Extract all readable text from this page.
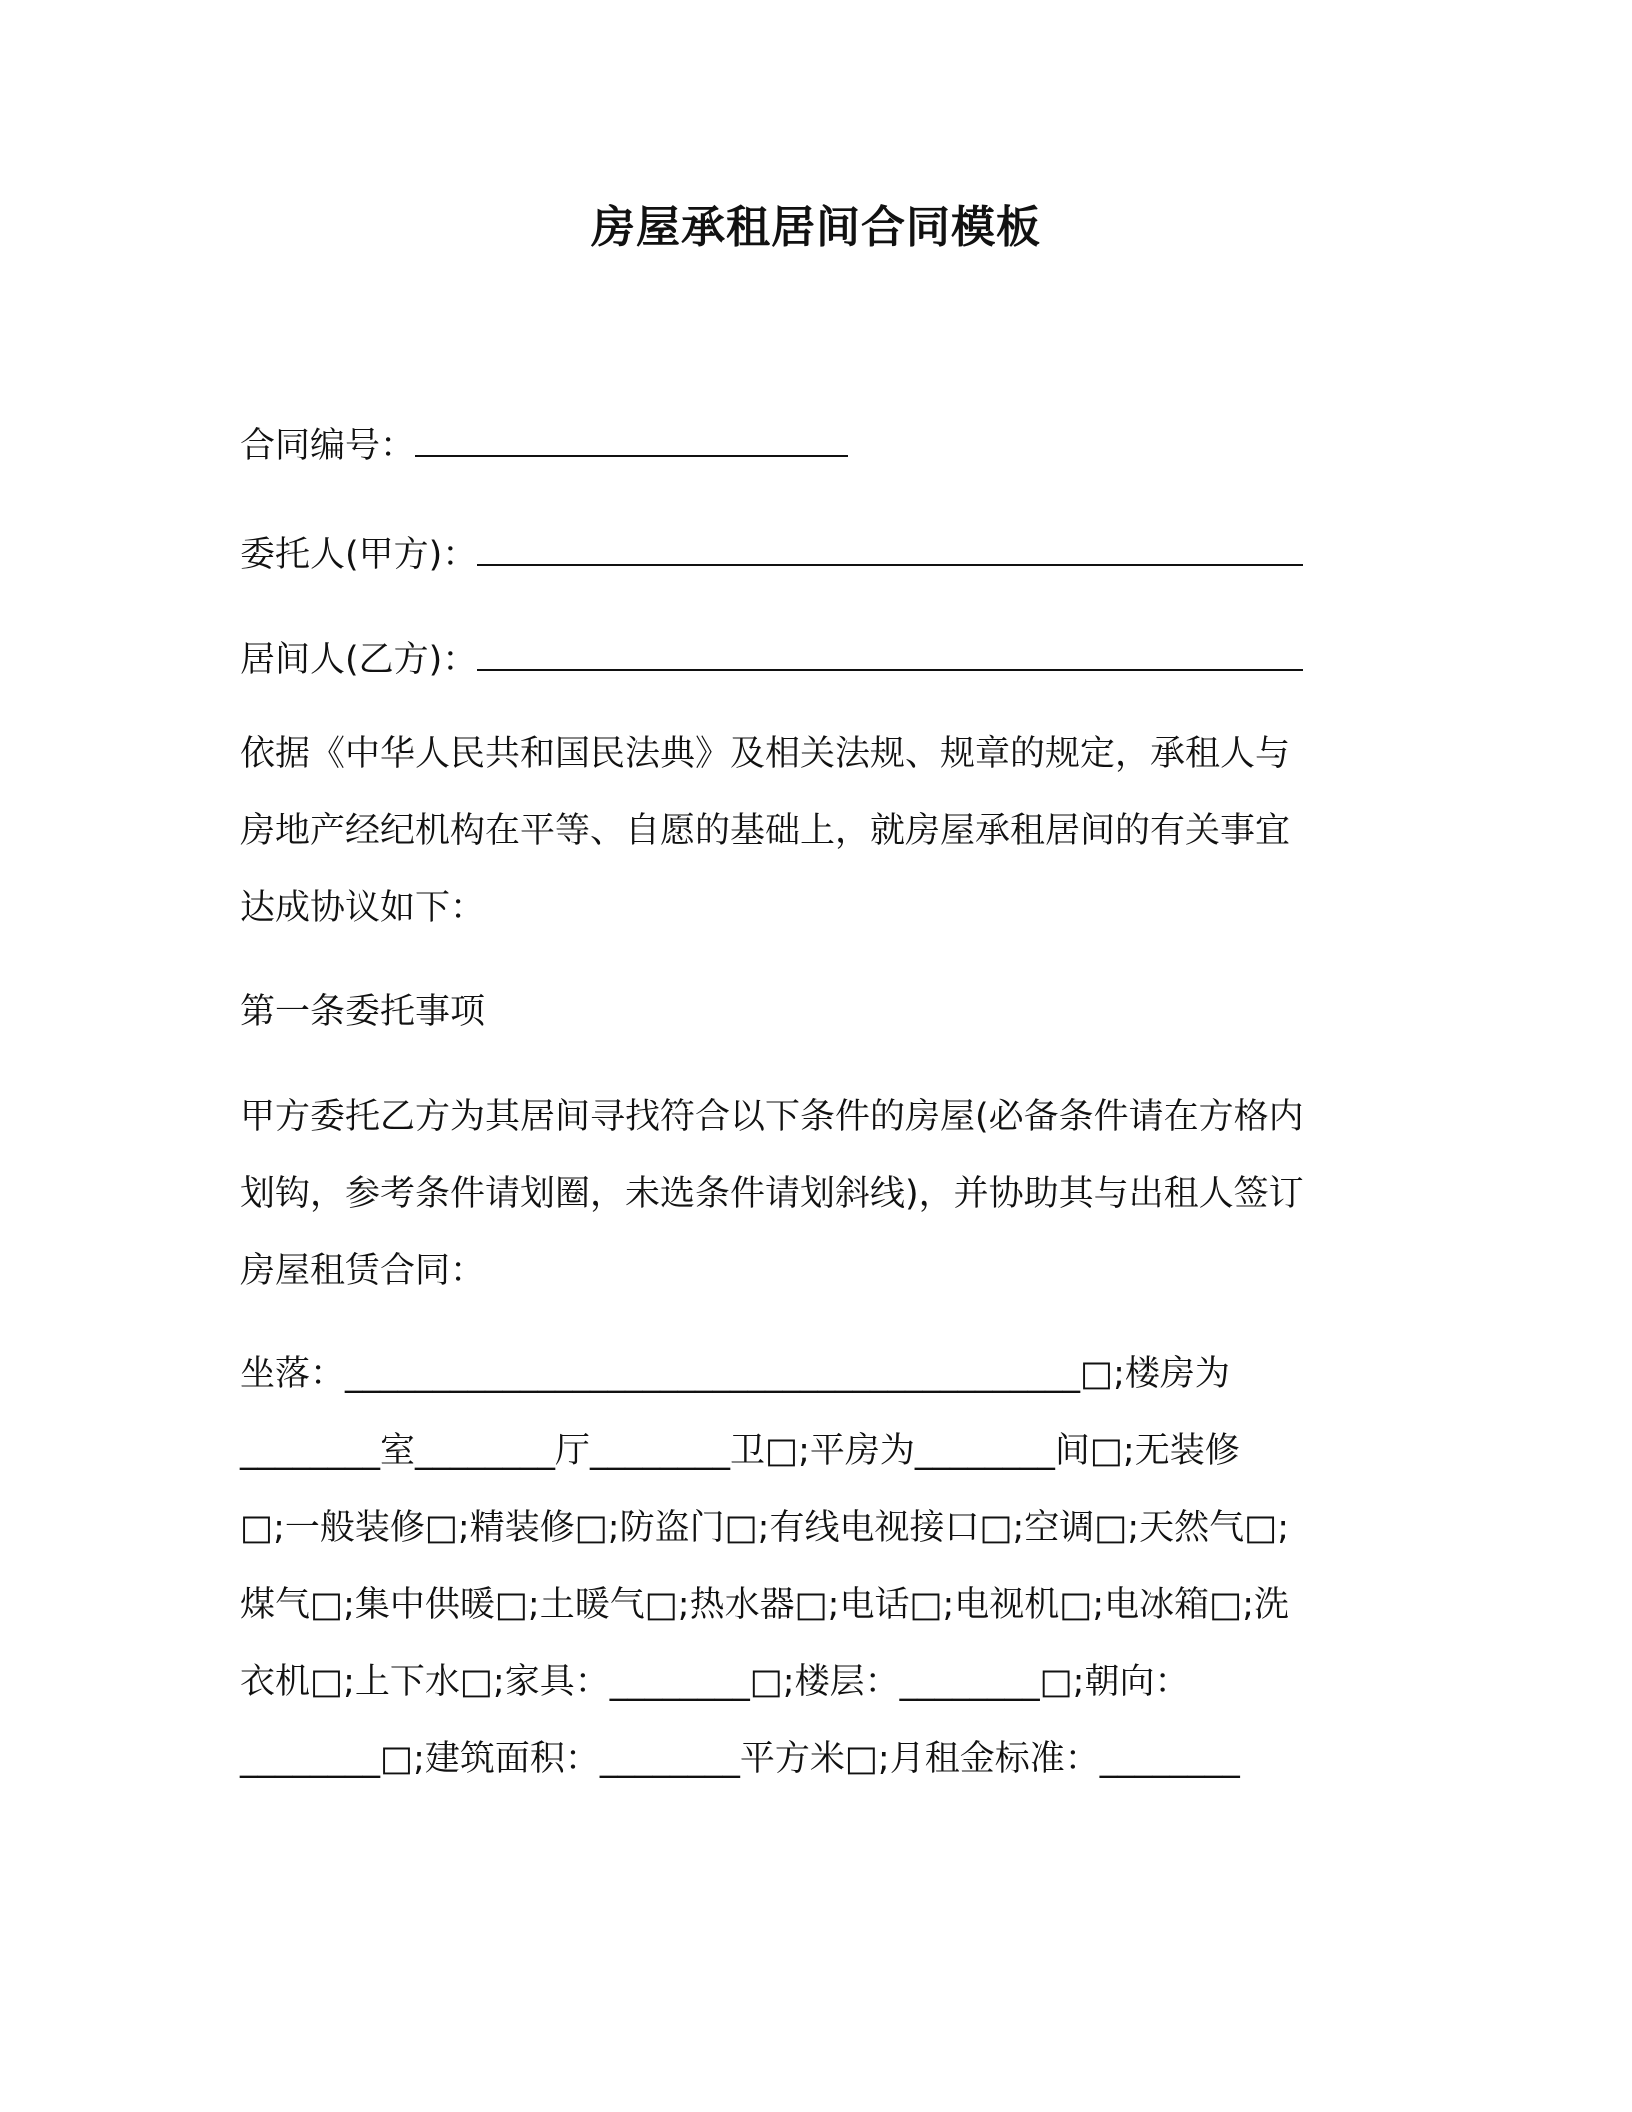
房屋承租居间合同模板
合同编号：
委托人(甲方)：
居间人(乙方)：
依据《中华人民共和国民法典》及相关法规、规章的规定，承租人与
房地产经纪机构在平等、自愿的基础上，就房屋承租居间的有关事宜
达成协议如下：
第一条委托事项
甲方委托乙方为其居间寻找符合以下条件的房屋(必备条件请在方格内
划钩，参考条件请划圈，未选条件请划斜线)，并协助其与出租人签订
房屋租赁合同：
坐落：__________________________________________□;楼房为
________室________厅________卫□;平房为________间□;无装修
□;一般装修□;精装修□;防盗门□;有线电视接口□;空调□;天然气□;
煤气□;集中供暖□;土暖气□;热水器□;电话□;电视机□;电冰箱□;洗
衣机□;上下水□;家具：________□;楼层：________□;朝向：
________□;建筑面积：________平方米□;月租金标准：________
